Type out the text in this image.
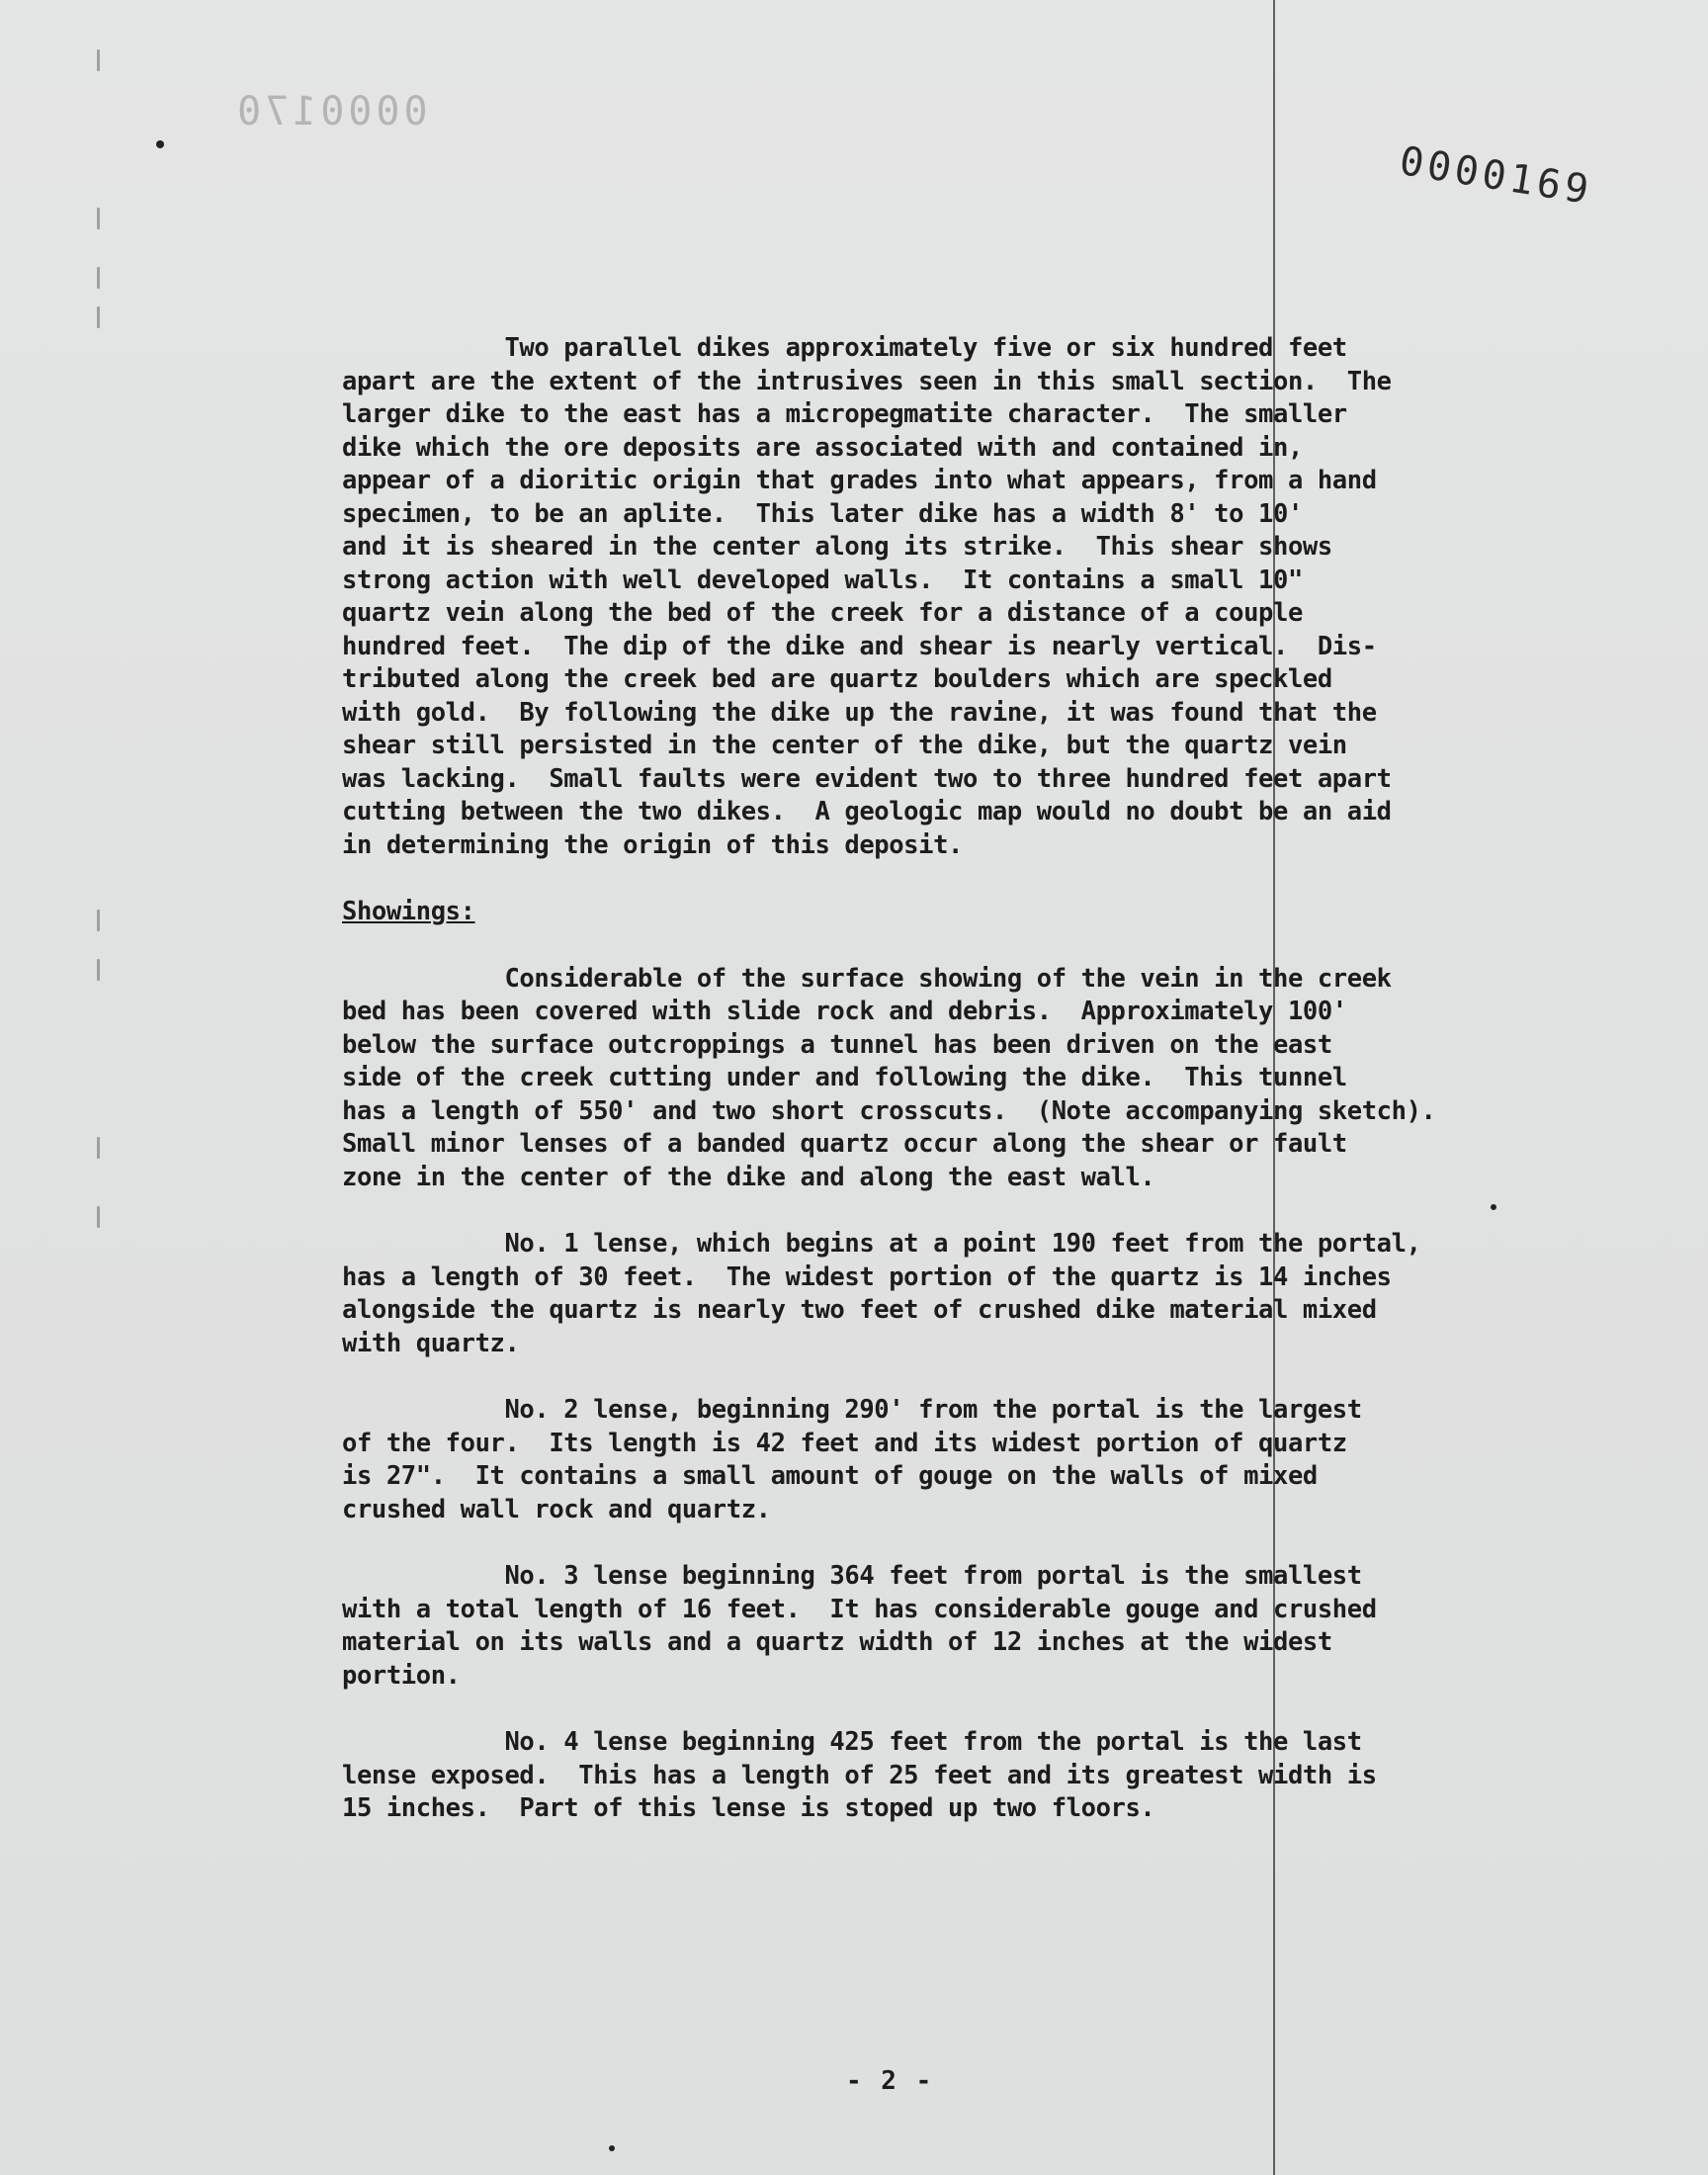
0000170
0000169
Two parallel dikes approximately five or six hundred feet
apart are the extent of the intrusives seen in this small section.  The
larger dike to the east has a micropegmatite character.  The smaller
dike which the ore deposits are associated with and contained in,
appear of a dioritic origin that grades into what appears, from a hand
specimen, to be an aplite.  This later dike has a width 8' to 10'
and it is sheared in the center along its strike.  This shear shows
strong action with well developed walls.  It contains a small 10"
quartz vein along the bed of the creek for a distance of a couple
hundred feet.  The dip of the dike and shear is nearly vertical.  Dis-
tributed along the creek bed are quartz boulders which are speckled
with gold.  By following the dike up the ravine, it was found that the
shear still persisted in the center of the dike, but the quartz vein
was lacking.  Small faults were evident two to three hundred feet apart
cutting between the two dikes.  A geologic map would no doubt be an aid
in determining the origin of this deposit.
Showings:
Considerable of the surface showing of the vein in the creek
bed has been covered with slide rock and debris.  Approximately 100'
below the surface outcroppings a tunnel has been driven on the east
side of the creek cutting under and following the dike.  This tunnel
has a length of 550' and two short crosscuts.  (Note accompanying sketch).
Small minor lenses of a banded quartz occur along the shear or fault
zone in the center of the dike and along the east wall.
No. 1 lense, which begins at a point 190 feet from the portal,
has a length of 30 feet.  The widest portion of the quartz is 14 inches
alongside the quartz is nearly two feet of crushed dike material mixed
with quartz.
No. 2 lense, beginning 290' from the portal is the largest
of the four.  Its length is 42 feet and its widest portion of quartz
is 27".  It contains a small amount of gouge on the walls of mixed
crushed wall rock and quartz.
No. 3 lense beginning 364 feet from portal is the smallest
with a total length of 16 feet.  It has considerable gouge and crushed
material on its walls and a quartz width of 12 inches at the widest
portion.
No. 4 lense beginning 425 feet from the portal is the last
lense exposed.  This has a length of 25 feet and its greatest width is
15 inches.  Part of this lense is stoped up two floors.
- 2 -
